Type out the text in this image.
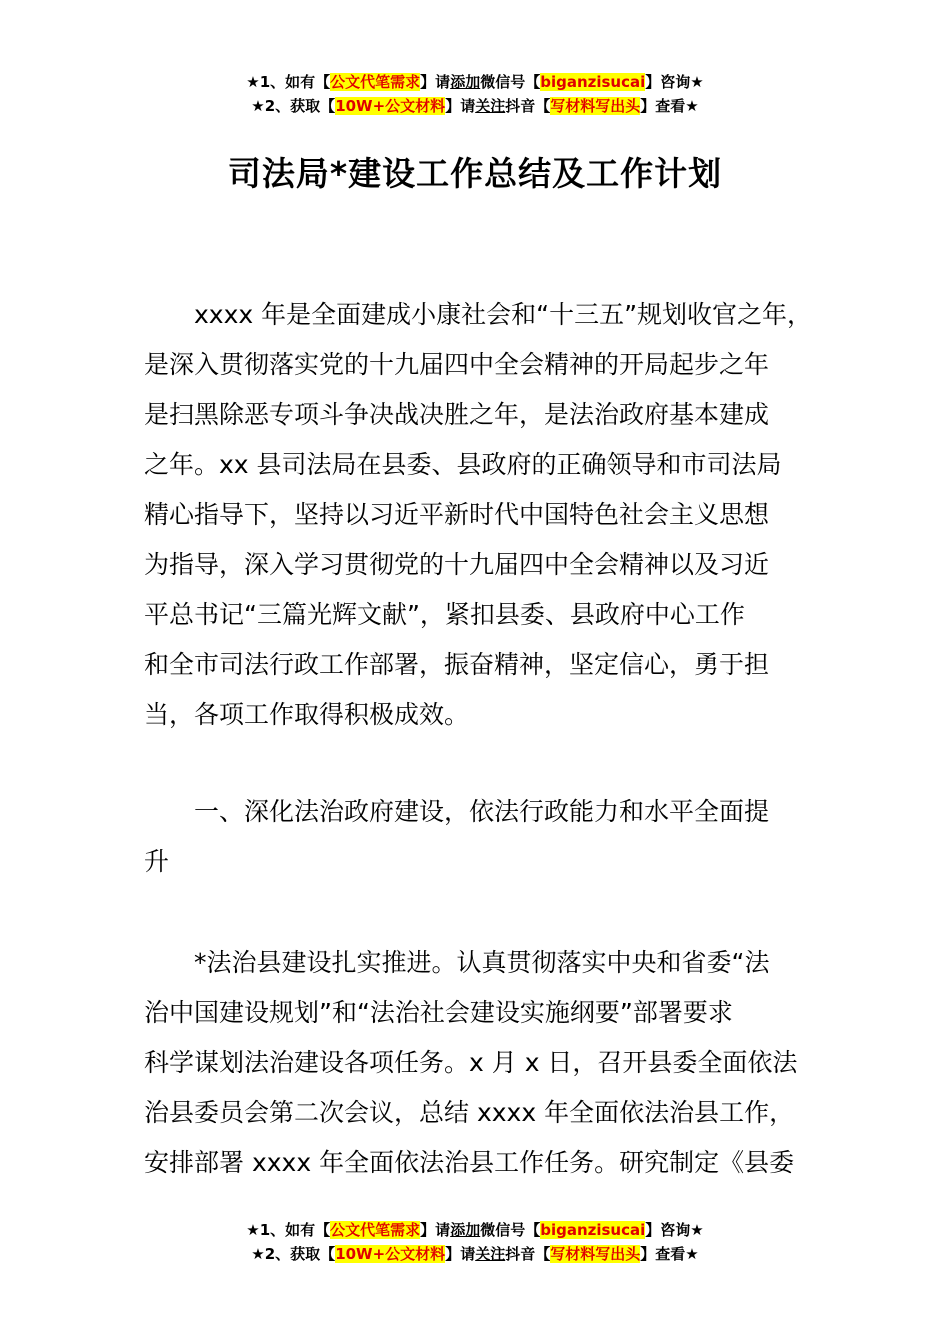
★1、如有【公文代笔需求】请添加微信号【biganzisucai】咨询★
★2、获取【10W+公文材料】请关注抖音【写材料写出头】查看★
司法局*建设工作总结及工作计划

　　xxxx 年是全面建成小康社会和“十三五”规划收官之年，
是深入贯彻落实党的十九届四中全会精神的开局起步之年
是扫黑除恶专项斗争决战决胜之年，是法治政府基本建成
之年。xx 县司法局在县委、县政府的正确领导和市司法局
精心指导下，坚持以习近平新时代中国特色社会主义思想
为指导，深入学习贯彻党的十九届四中全会精神以及习近
平总书记“三篇光辉文献”，紧扣县委、县政府中心工作
和全市司法行政工作部署，振奋精神，坚定信心，勇于担
当，各项工作取得积极成效。

　　一、深化法治政府建设，依法行政能力和水平全面提
升

　　*法治县建设扎实推进。认真贯彻落实中央和省委“法
治中国建设规划”和“法治社会建设实施纲要”部署要求
科学谋划法治建设各项任务。x 月 x 日，召开县委全面依法
治县委员会第二次会议，总结 xxxx 年全面依法治县工作，
安排部署 xxxx 年全面依法治县工作任务。研究制定《县委

★1、如有【公文代笔需求】请添加微信号【biganzisucai】咨询★
★2、获取【10W+公文材料】请关注抖音【写材料写出头】查看★
